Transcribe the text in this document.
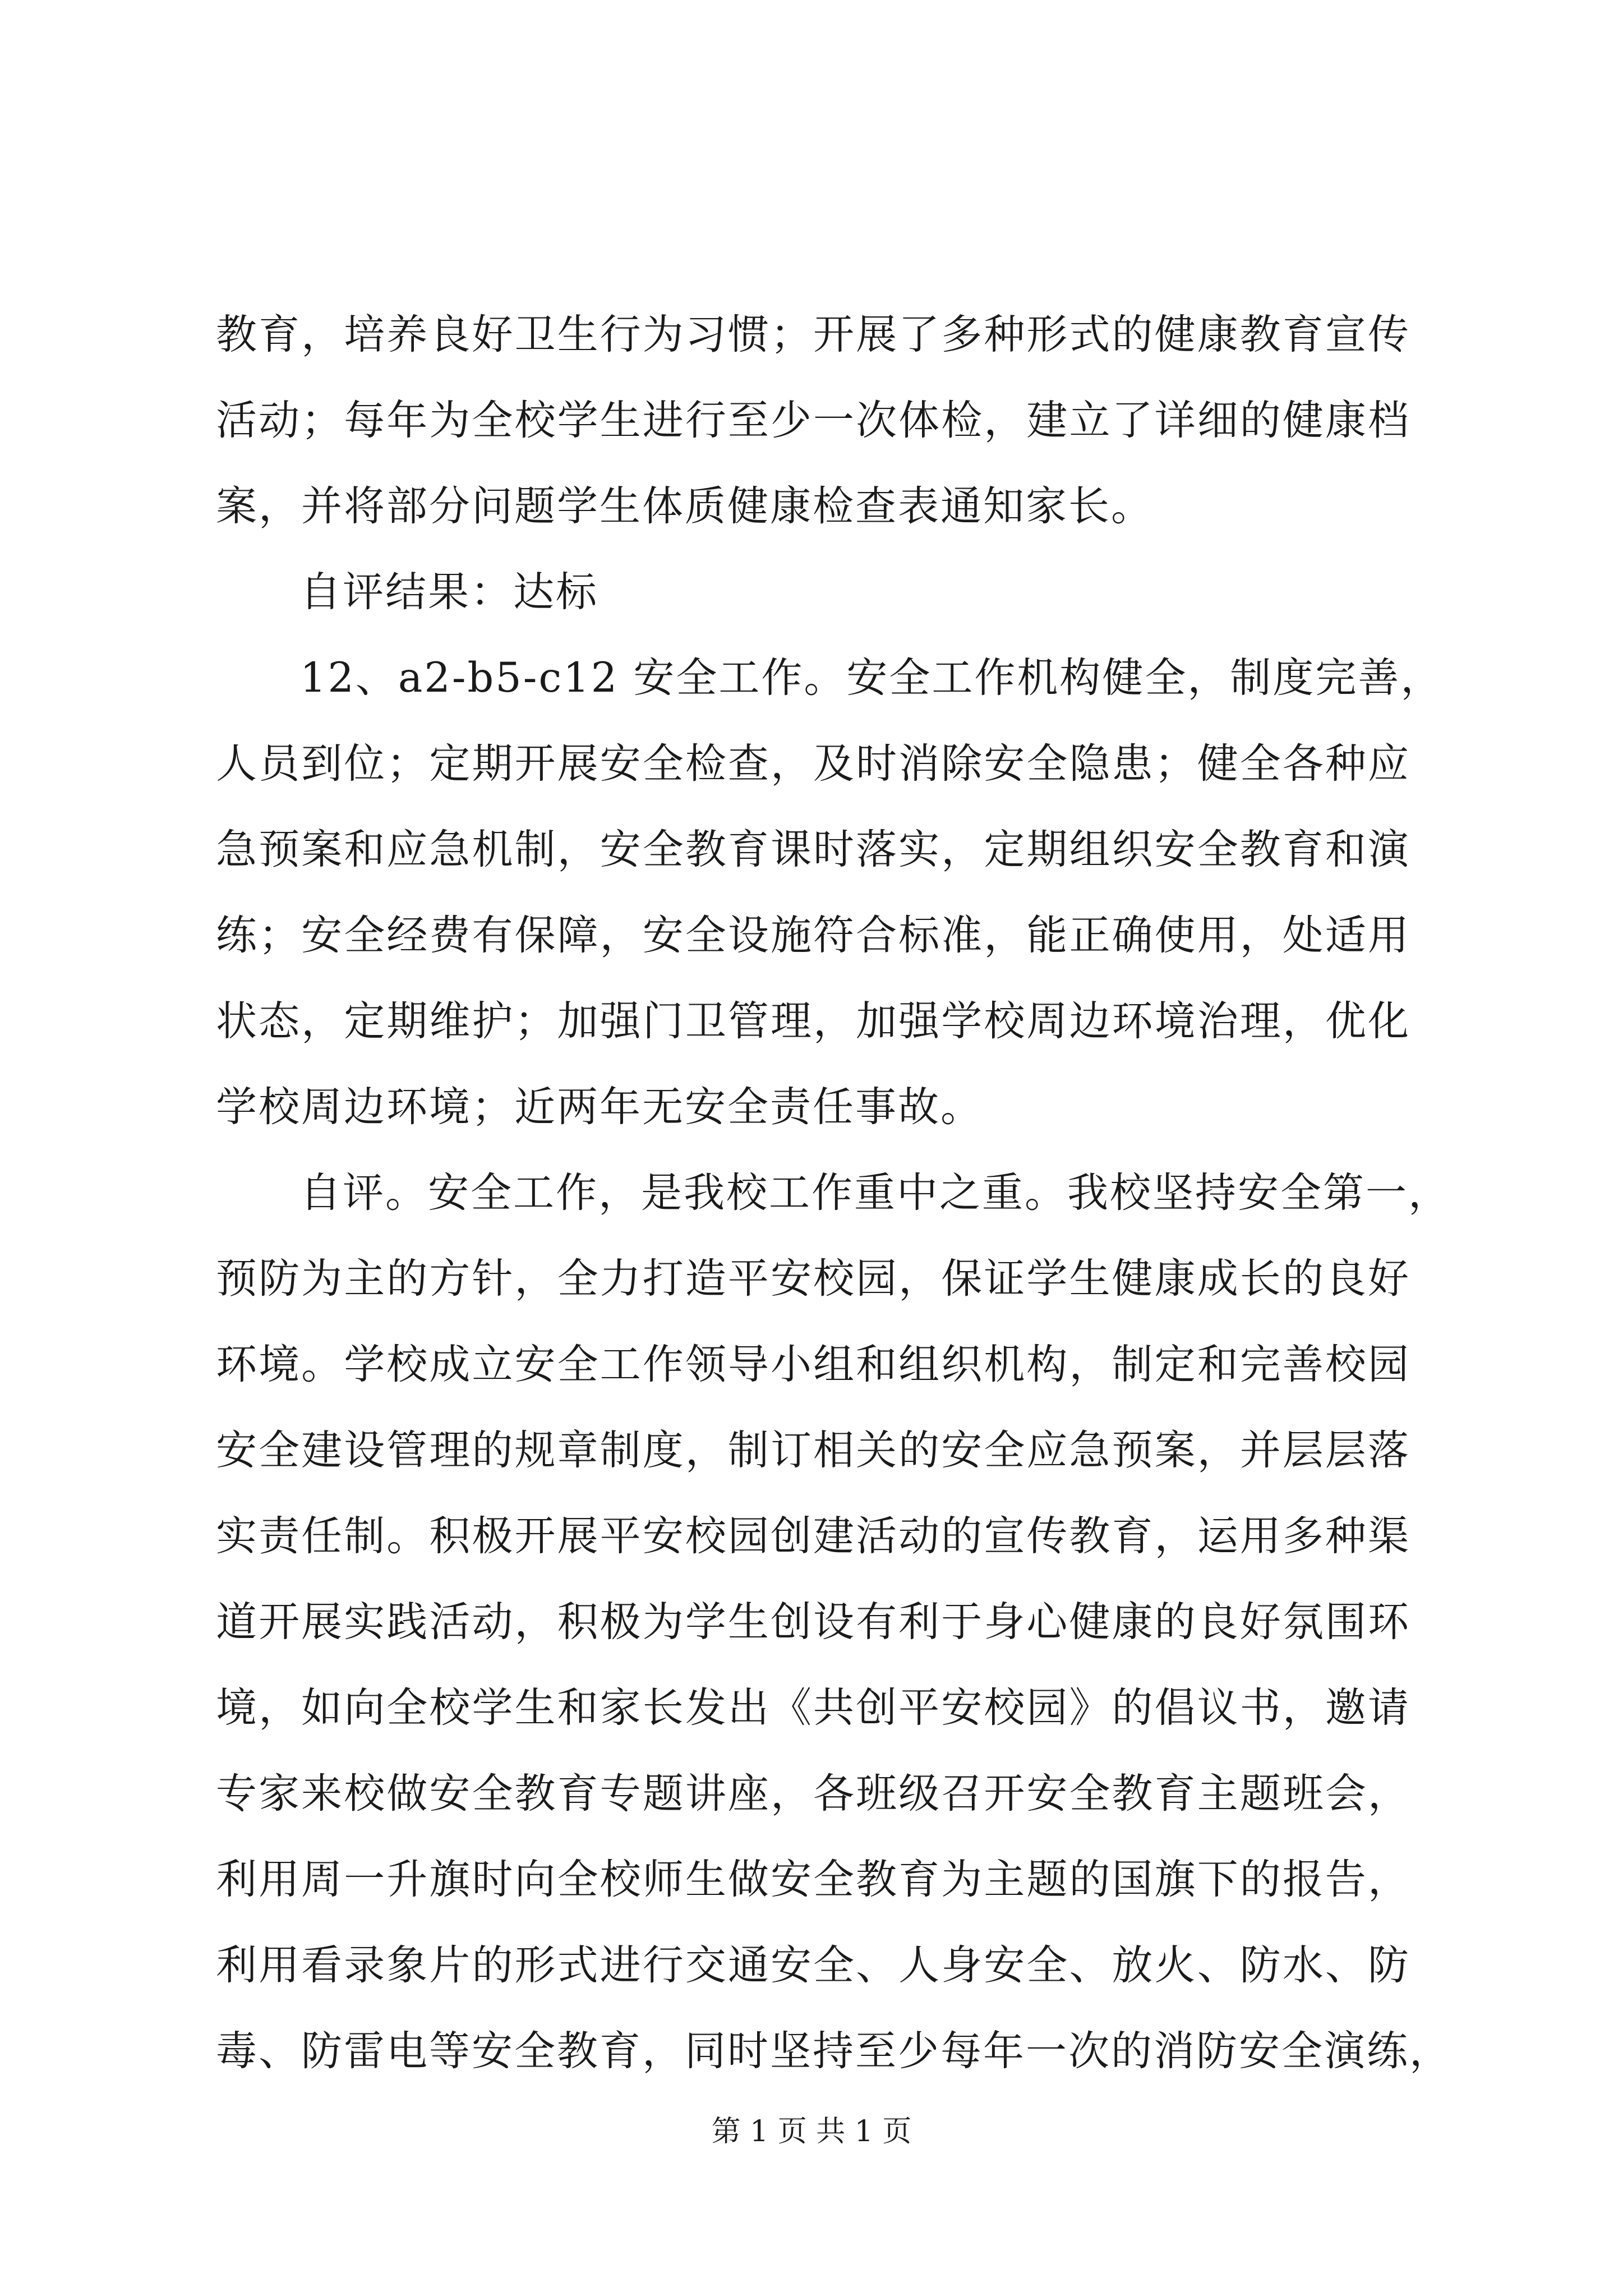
教育，培养良好卫生行为习惯；开展了多种形式的健康教育宣传
活动；每年为全校学生进行至少一次体检，建立了详细的健康档
案，并将部分问题学生体质健康检查表通知家长。
自评结果：达标
12、a2-b5-c12 安全工作。安全工作机构健全，制度完善，
人员到位；定期开展安全检查，及时消除安全隐患；健全各种应
急预案和应急机制，安全教育课时落实，定期组织安全教育和演
练；安全经费有保障，安全设施符合标准，能正确使用，处适用
状态，定期维护；加强门卫管理，加强学校周边环境治理，优化
学校周边环境；近两年无安全责任事故。
自评。安全工作，是我校工作重中之重。我校坚持安全第一，
预防为主的方针，全力打造平安校园，保证学生健康成长的良好
环境。学校成立安全工作领导小组和组织机构，制定和完善校园
安全建设管理的规章制度，制订相关的安全应急预案，并层层落
实责任制。积极开展平安校园创建活动的宣传教育，运用多种渠
道开展实践活动，积极为学生创设有利于身心健康的良好氛围环
境，如向全校学生和家长发出《共创平安校园》的倡议书，邀请
专家来校做安全教育专题讲座，各班级召开安全教育主题班会，
利用周一升旗时向全校师生做安全教育为主题的国旗下的报告，
利用看录象片的形式进行交通安全、人身安全、放火、防水、防
毒、防雷电等安全教育，同时坚持至少每年一次的消防安全演练，
第 1 页 共 1 页
